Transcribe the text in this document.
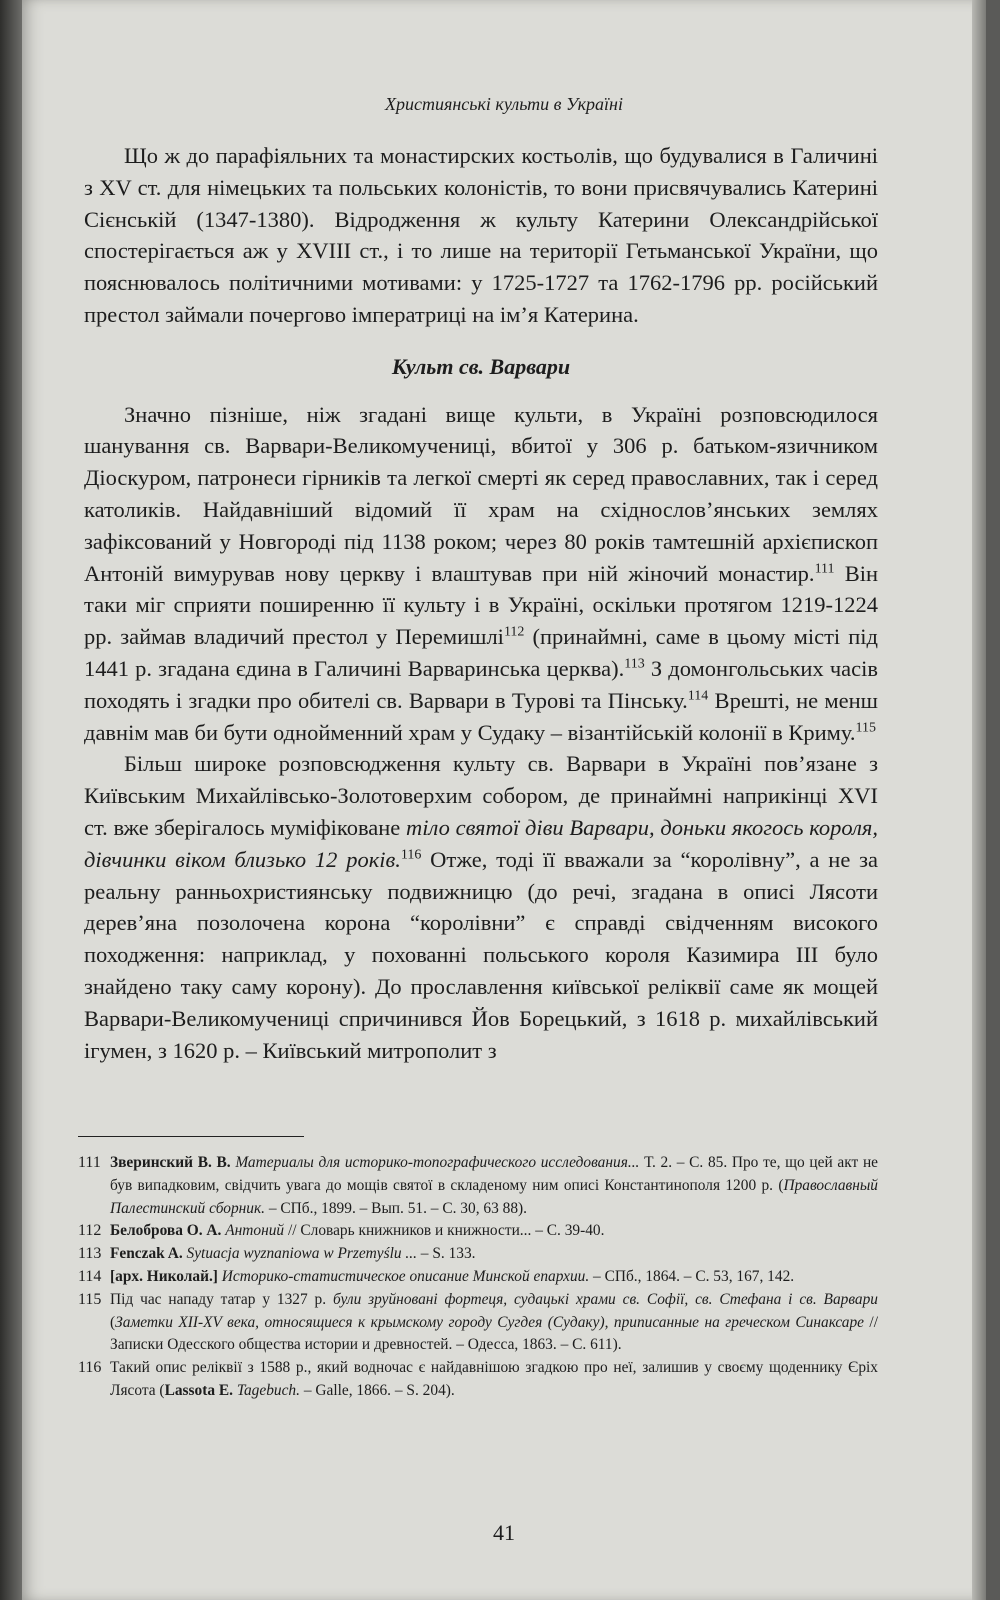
Християнські культи в Україні

Що ж до парафіяльних та монастирских костьолів, що будувалися в Галичині з XV ст. для німецьких та польських колоністів, то вони присвячувались Катерині Сієнській (1347-1380). Відродження ж культу Катерини Олександрійської спостерігається аж у XVIII ст., і то лише на території Гетьманської України, що пояснювалось політичними мотивами: у 1725-1727 та 1762-1796 рр. російський престол займали почергово імператриці на ім’я Катерина.

Культ св. Варвари

Значно пізніше, ніж згадані вище культи, в Україні розповсюдилося шанування св. Варвари-Великомучениці, вбитої у 306 р. батьком-язичником Діоскуром, патронеси гірників та легкої смерті як серед православних, так і серед католиків. Найдавніший відомий її храм на східнослов’янських землях зафіксований у Новгороді під 1138 роком; через 80 років тамтешній архієпископ Антоній вимурував нову церкву і влаштував при ній жіночий монастир.$^{111}$ Він таки міг сприяти поширенню її культу і в Україні, оскільки протягом 1219-1224 рр. займав владичий престол у Перемишлі$^{112}$ (принаймні, саме в цьому місті під 1441 р. згадана єдина в Галичині Варваринська церква).$^{113}$ З домонгольських часів походять і згадки про обителі св. Варвари в Турові та Пінську.$^{114}$ Врешті, не менш давнім мав би бути однойменний храм у Судаку – візантійській колонії в Криму.$^{115}$

Більш широке розповсюдження культу св. Варвари в Україні пов’язане з Київським Михайлівсько-Золотоверхим собором, де принаймні наприкінці XVI ст. вже зберігалось муміфіковане тіло святої діви Варвари, доньки якогось короля, дівчинки віком близько 12 років.$^{116}$ Отже, тоді її вважали за “королівну”, а не за реальну ранньохристиянську подвижницю (до речі, згадана в описі Лясоти дерев’яна позолочена корона “королівни” є справді свідченням високого походження: наприклад, у похованні польського короля Казимира III було знайдено таку саму корону). До прославлення київської реліквії саме як мощей Варвари-Великомучениці спричинився Йов Борецький, з 1618 р. михайлівський ігумен, з 1620 р. – Київський митрополит з

111 Зверинский В. В. Материалы для историко-топографического исследования... Т. 2. – С. 85. Про те, що цей акт не був випадковим, свідчить увага до мощів святої в складеному ним описі Константинополя 1200 р. (Православный Палестинский сборник. – СПб., 1899. – Вып. 51. – С. 30, 63 88).
112 Белоброва О. А. Антоний // Словарь книжников и книжности... – С. 39-40.
113 Fenczak A. Sytuacja wyznaniowa w Przemyślu ... – S. 133.
114 [арх. Николай.] Историко-статистическое описание Минской епархии. – СПб., 1864. – С. 53, 167, 142.
115 Під час нападу татар у 1327 р. були зруйновані фортеця, судацькі храми св. Софії, св. Стефана і св. Варвари (Заметки XII-XV века, относящиеся к крымскому городу Сугдея (Судаку), приписанные на греческом Синаксаре // Записки Одесского общества истории и древностей. – Одесса, 1863. – С. 611).
116 Такий опис реліквії з 1588 р., який водночас є найдавнішою згадкою про неї, залишив у своєму щоденнику Єріх Лясота (Lassota E. Tagebuch. – Galle, 1866. – S. 204).
41
